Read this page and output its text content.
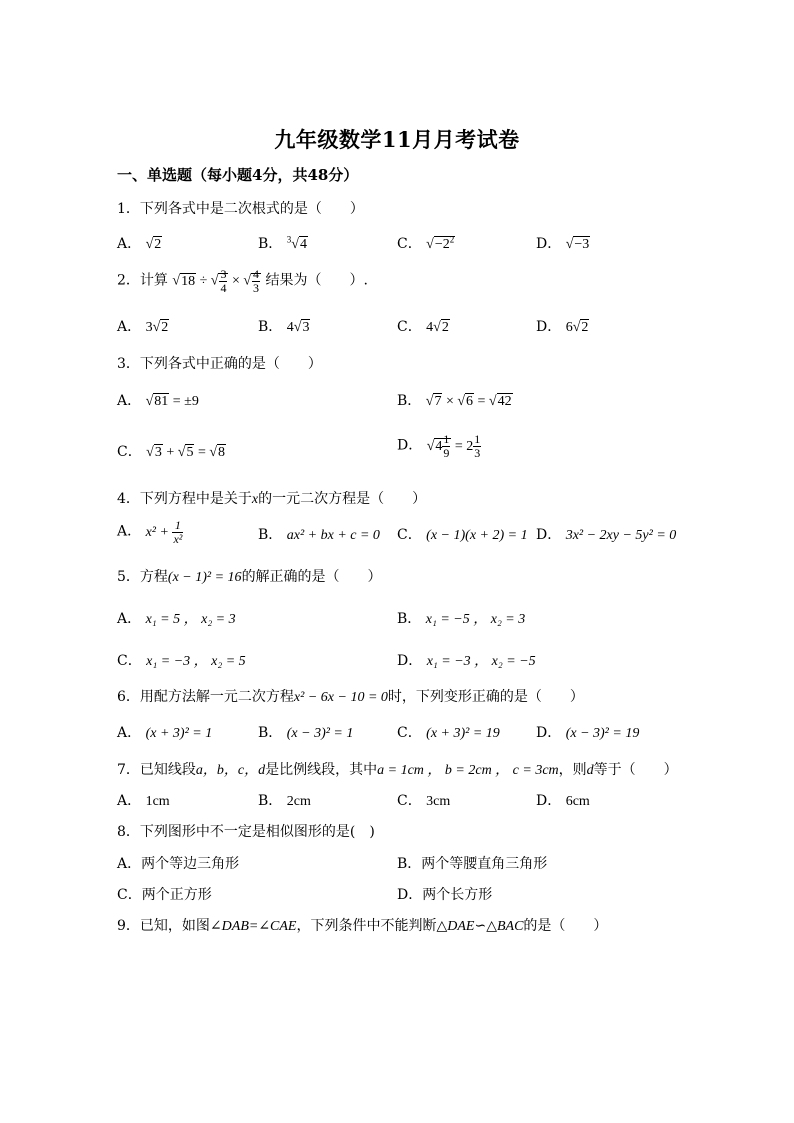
九年级数学11月月考试卷
一、单选题（每小题4分，共48分）
1．下列各式中是二次根式的是（　　）
A． √2	B． $^3$√4	C． $√-2^2$	D． √−3
2．计算 √18 ÷ √ $\frac{3}{4}$ × √ $\frac{4}{3}$ 结果为（　　）.
A． 3√2	B． 4√3	C． 4√2	D． 6√2
3．下列各式中正确的是（　　）
A． √81 = ±9	B． √7 × √6 = √42
C． √3 + √5 = √8	D． $√4 \frac{1}{9} = 2 \frac{1}{3}$
4．下列方程中是关于x的一元二次方程是（　　）
A． $x^2 + \frac{1}{\text{x²}}$	B． ax² + bx + c = 0 C． (x − 1)(x + 2) = 1 D． 3x² − 2xy − 5y² = 0
5．方程(x − 1)² = 16的解正确的是（　　）
A． x₁ = 5 ， x₂ = 3	B． x₁ = −5 ， x₂ = 3
C． x₁ = −3 ， x₂ = 5	D． x₁ = −3 ， x₂ = −5
6．用配方法解一元二次方程x² − 6x − 10 = 0时，下列变形正确的是（　　）
A． (x + 3)² = 1	B． (x − 3)² = 1	C． (x + 3)² = 19	D． (x − 3)² = 19
7．已知线段a，b，c，d是比例线段，其中a = 1cm ， b = 2cm ， c = 3cm，则d等于（　　）
A． 1cm	B． 2cm	C． 3cm	D． 6cm
8．下列图形中不一定是相似图形的是(　)
A．两个等边三角形	B．两个等腰直角三角形
C．两个正方形	D．两个长方形
9．已知，如图∠DAB=∠CAE，下列条件中不能判断△DAE∽△BAC的是（　　）
